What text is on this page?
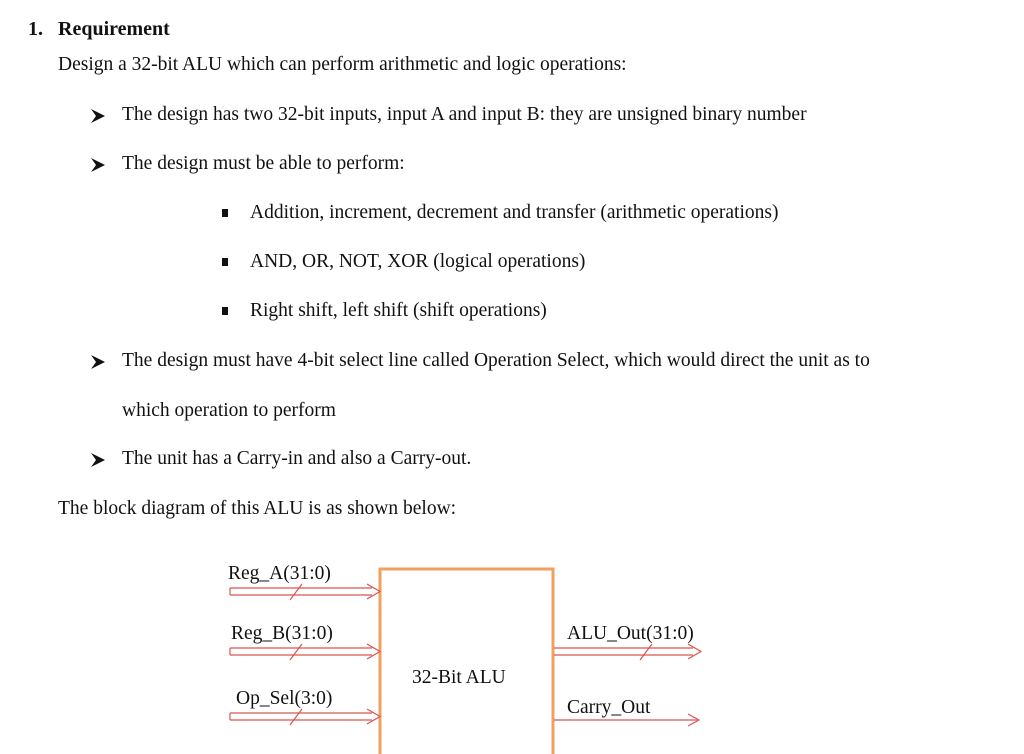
1. Requirement
Design a 32-bit ALU which can perform arithmetic and logic operations:
The design has two 32-bit inputs, input A and input B: they are unsigned binary number
The design must be able to perform:
Addition, increment, decrement and transfer (arithmetic operations)
AND, OR, NOT, XOR (logical operations)
Right shift, left shift (shift operations)
The design must have 4-bit select line called Operation Select, which would direct the unit as to
which operation to perform
The unit has a Carry-in and also a Carry-out.
The block diagram of this ALU is as shown below:
Reg_A(31:0)
Reg_B(31:0)
Op_Sel(3:0)
32-Bit ALU
ALU_Out(31:0)
Carry_Out
